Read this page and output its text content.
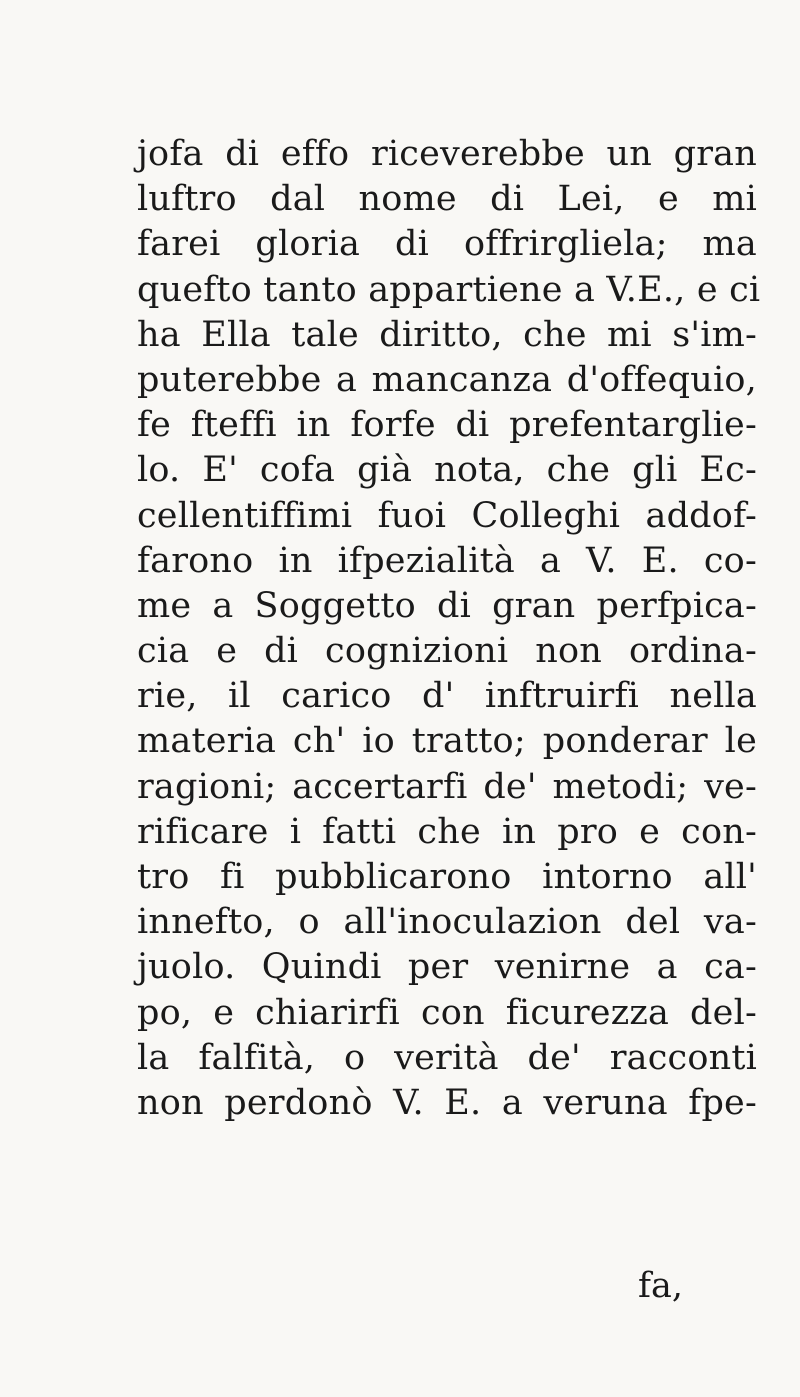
jofa di effo riceverebbe un gran
luftro dal nome di Lei, e mi
farei gloria di offrirgliela; ma
quefto tanto appartiene a V.E., e ci
ha Ella tale diritto, che mi s'im-
puterebbe a mancanza d'offequio,
fe fteffi in forfe di prefentarglie-
lo. E' cofa già nota, che gli Ec-
cellentiffimi fuoi Colleghi addof-
farono in ifpezialità a V. E. co-
me a Soggetto di gran perfpica-
cia e di cognizioni non ordina-
rie, il carico d' inftruirfi nella
materia ch' io tratto; ponderar le
ragioni; accertarfi de' metodi; ve-
rificare i fatti che in pro e con-
tro fi pubblicarono intorno all'
innefto, o all'inoculazion del va-
juolo. Quindi per venirne a ca-
po, e chiarirfi con ficurezza del-
la falfità, o verità de' racconti
non perdonò V. E. a veruna fpe-
fa,
